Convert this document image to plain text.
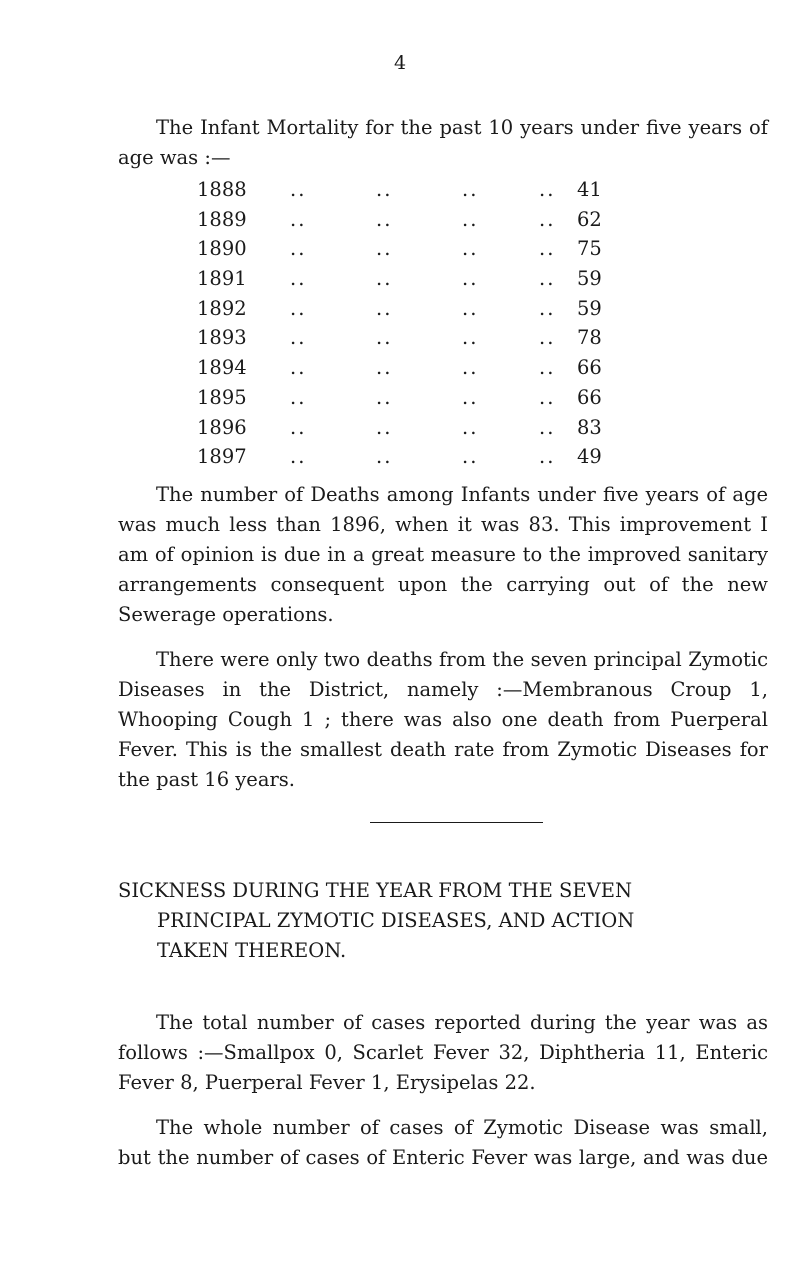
4

The Infant Mortality for the past 10 years under five years of age was :—

1888 ..	..	..	.. 41
1889 ..	..	..	.. 62
1890 ..	..	..	.. 75
1891 ..	..	..	.. 59
1892 ..	..	..	.. 59
1893 ..	..	..	.. 78
1894 ..	..	..	.. 66
1895 ..	..	..	.. 66
1896 ..	..	..	.. 83
1897 ..	..	..	.. 49

The number of Deaths among Infants under five years of age was much less than 1896, when it was 83. This improvement I am of opinion is due in a great measure to the improved sanitary arrangements consequent upon the carrying out of the new Sewerage operations.

There were only two deaths from the seven principal Zymotic Diseases in the District, namely :—Membranous Croup 1, Whooping Cough 1 ; there was also one death from Puerperal Fever. This is the smallest death rate from Zymotic Diseases for the past 16 years.

SICKNESS DURING THE YEAR FROM THE SEVEN
PRINCIPAL ZYMOTIC DISEASES, AND ACTION
TAKEN THEREON.

The total number of cases reported during the year was as follows :—Smallpox 0, Scarlet Fever 32, Diphtheria 11, Enteric Fever 8, Puerperal Fever 1, Erysipelas 22.

The whole number of cases of Zymotic Disease was small, but the number of cases of Enteric Fever was large, and was due
